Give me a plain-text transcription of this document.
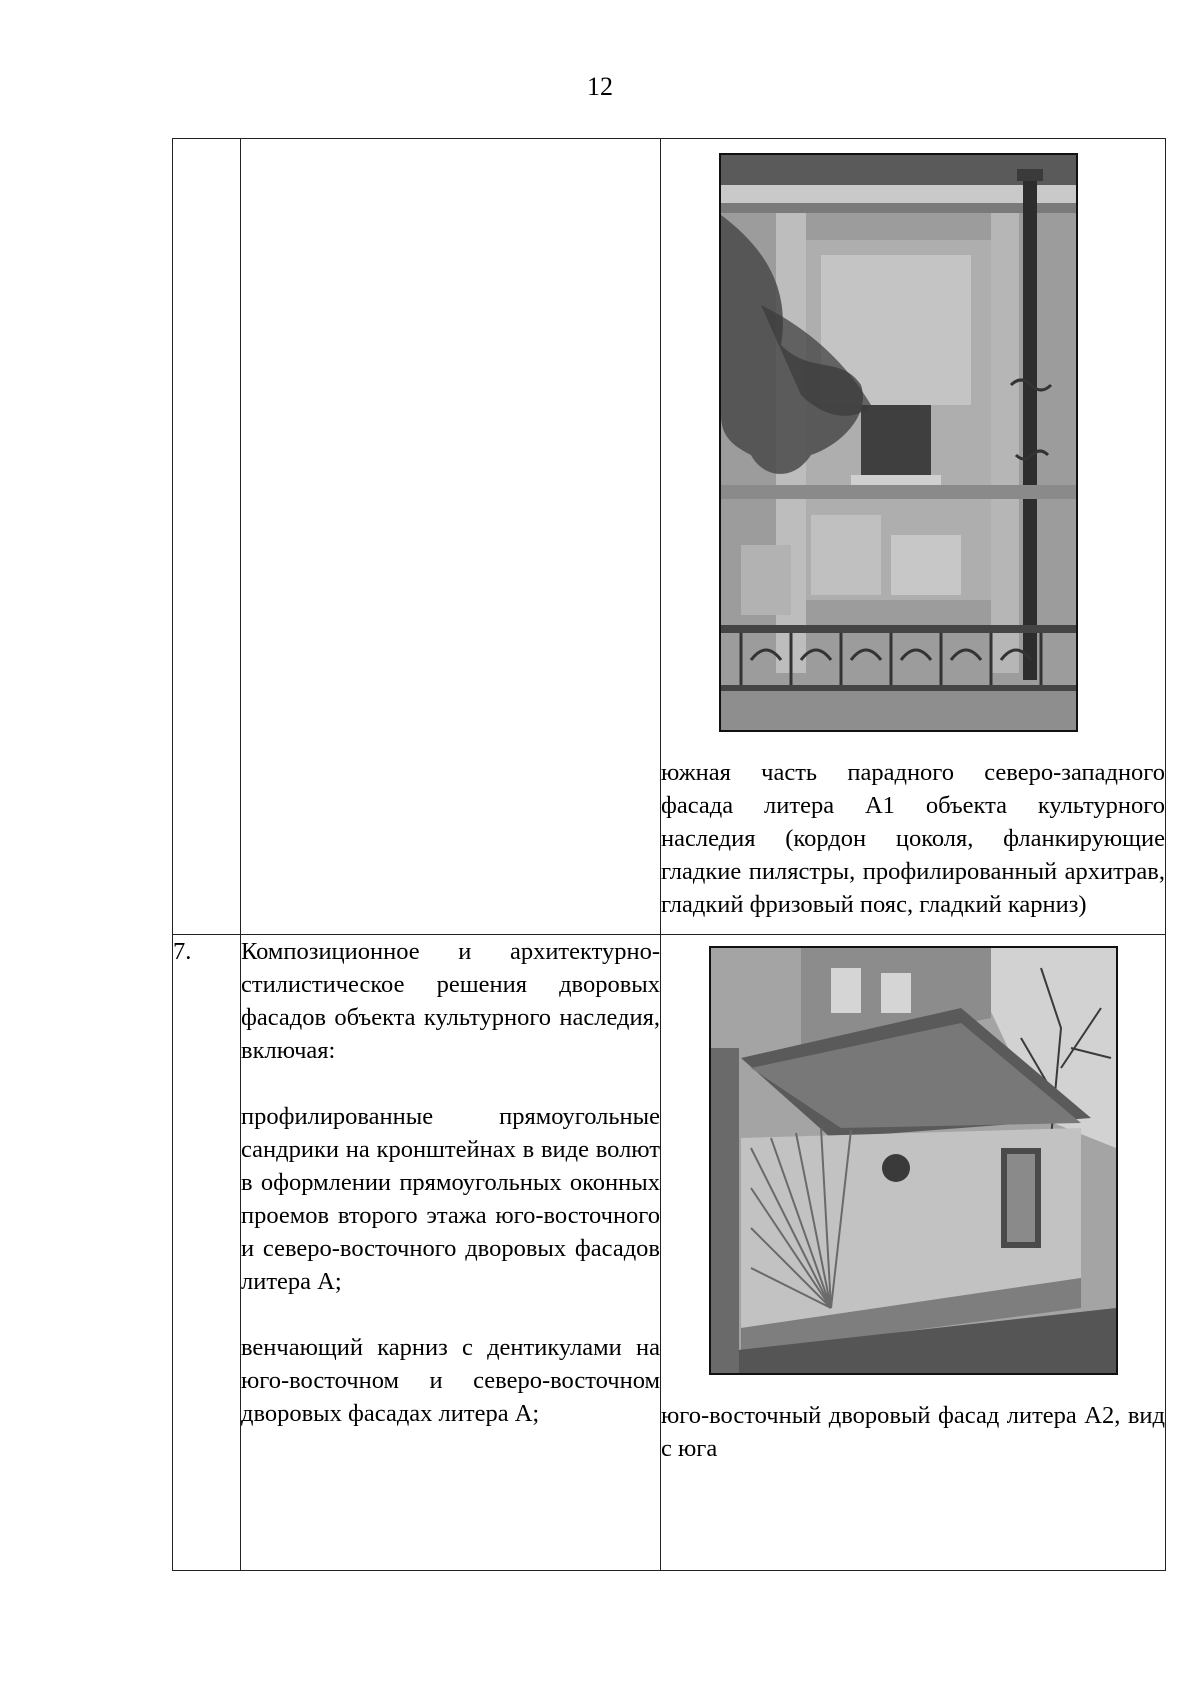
12

		южная часть парадного северо-западного фасада литера А1 объекта культурного наследия (кордон цоколя, фланкирующие гладкие пилястры, профилированный архитрав, гладкий фризовый пояс, гладкий карниз)

7.	Композиционное и архитектурно-стилистическое решения дворовых фасадов объекта культурного наследия, включая:

профилированные прямоугольные сандрики на кронштейнах в виде волют в оформлении прямоугольных оконных проемов второго этажа юго-восточного и северо-восточного дворовых фасадов литера А;

венчающий карниз с дентикулами на юго-восточном и северо-восточном дворовых фасадах литера А;	юго-восточный дворовый фасад литера А2, вид с юга
